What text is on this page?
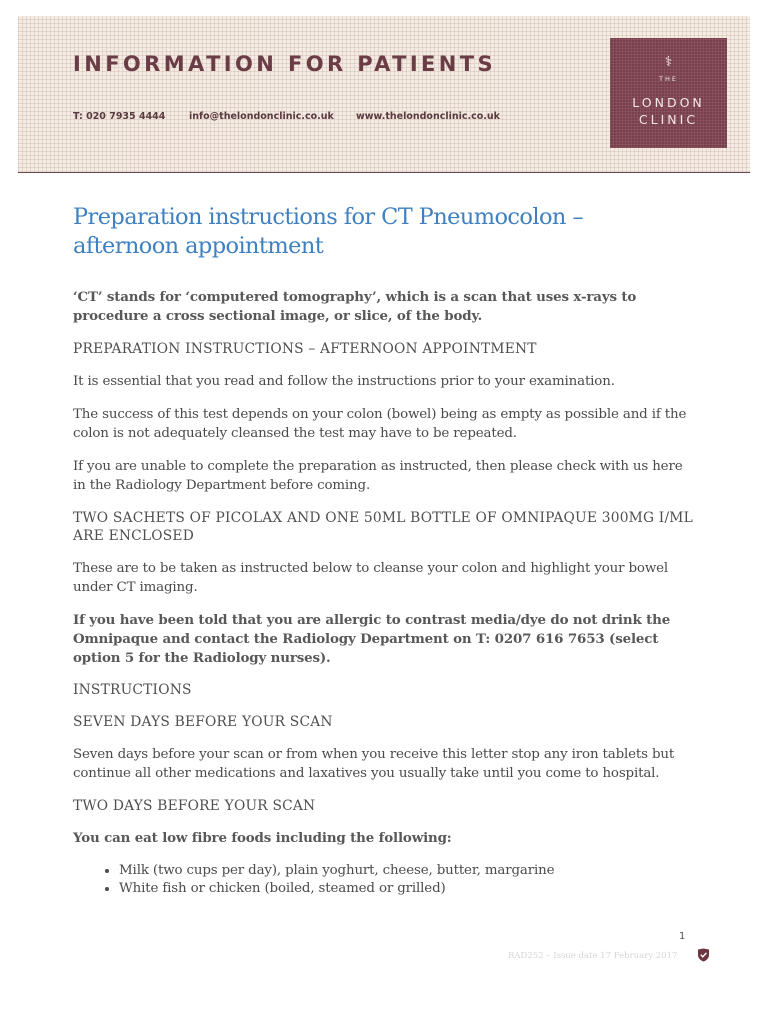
INFORMATION FOR PATIENTS
T: 020 7935 4444 info@thelondonclinic.co.uk www.thelondonclinic.co.uk
⚕
THE
LONDON
CLINIC
Preparation instructions for CT Pneumocolon – afternoon appointment

‘CT’ stands for ‘computered tomography’, which is a scan that uses x-rays to procedure a cross sectional image, or slice, of the body.

PREPARATION INSTRUCTIONS – AFTERNOON APPOINTMENT

It is essential that you read and follow the instructions prior to your examination.

The success of this test depends on your colon (bowel) being as empty as possible and if the colon is not adequately cleansed the test may have to be repeated.

If you are unable to complete the preparation as instructed, then please check with us here in the Radiology Department before coming.

TWO SACHETS OF PICOLAX AND ONE 50ML BOTTLE OF OMNIPAQUE 300MG I/ML ARE ENCLOSED

These are to be taken as instructed below to cleanse your colon and highlight your bowel under CT imaging.

If you have been told that you are allergic to contrast media/dye do not drink the Omnipaque and contact the Radiology Department on T: 0207 616 7653 (select option 5 for the Radiology nurses).

INSTRUCTIONS

SEVEN DAYS BEFORE YOUR SCAN

Seven days before your scan or from when you receive this letter stop any iron tablets but continue all other medications and laxatives you usually take until you come to hospital.

TWO DAYS BEFORE YOUR SCAN

You can eat low fibre foods including the following:

• Milk (two cups per day), plain yoghurt, cheese, butter, margarine
• White fish or chicken (boiled, steamed or grilled)
1
RAD252 – Issue date 17 February 2017
